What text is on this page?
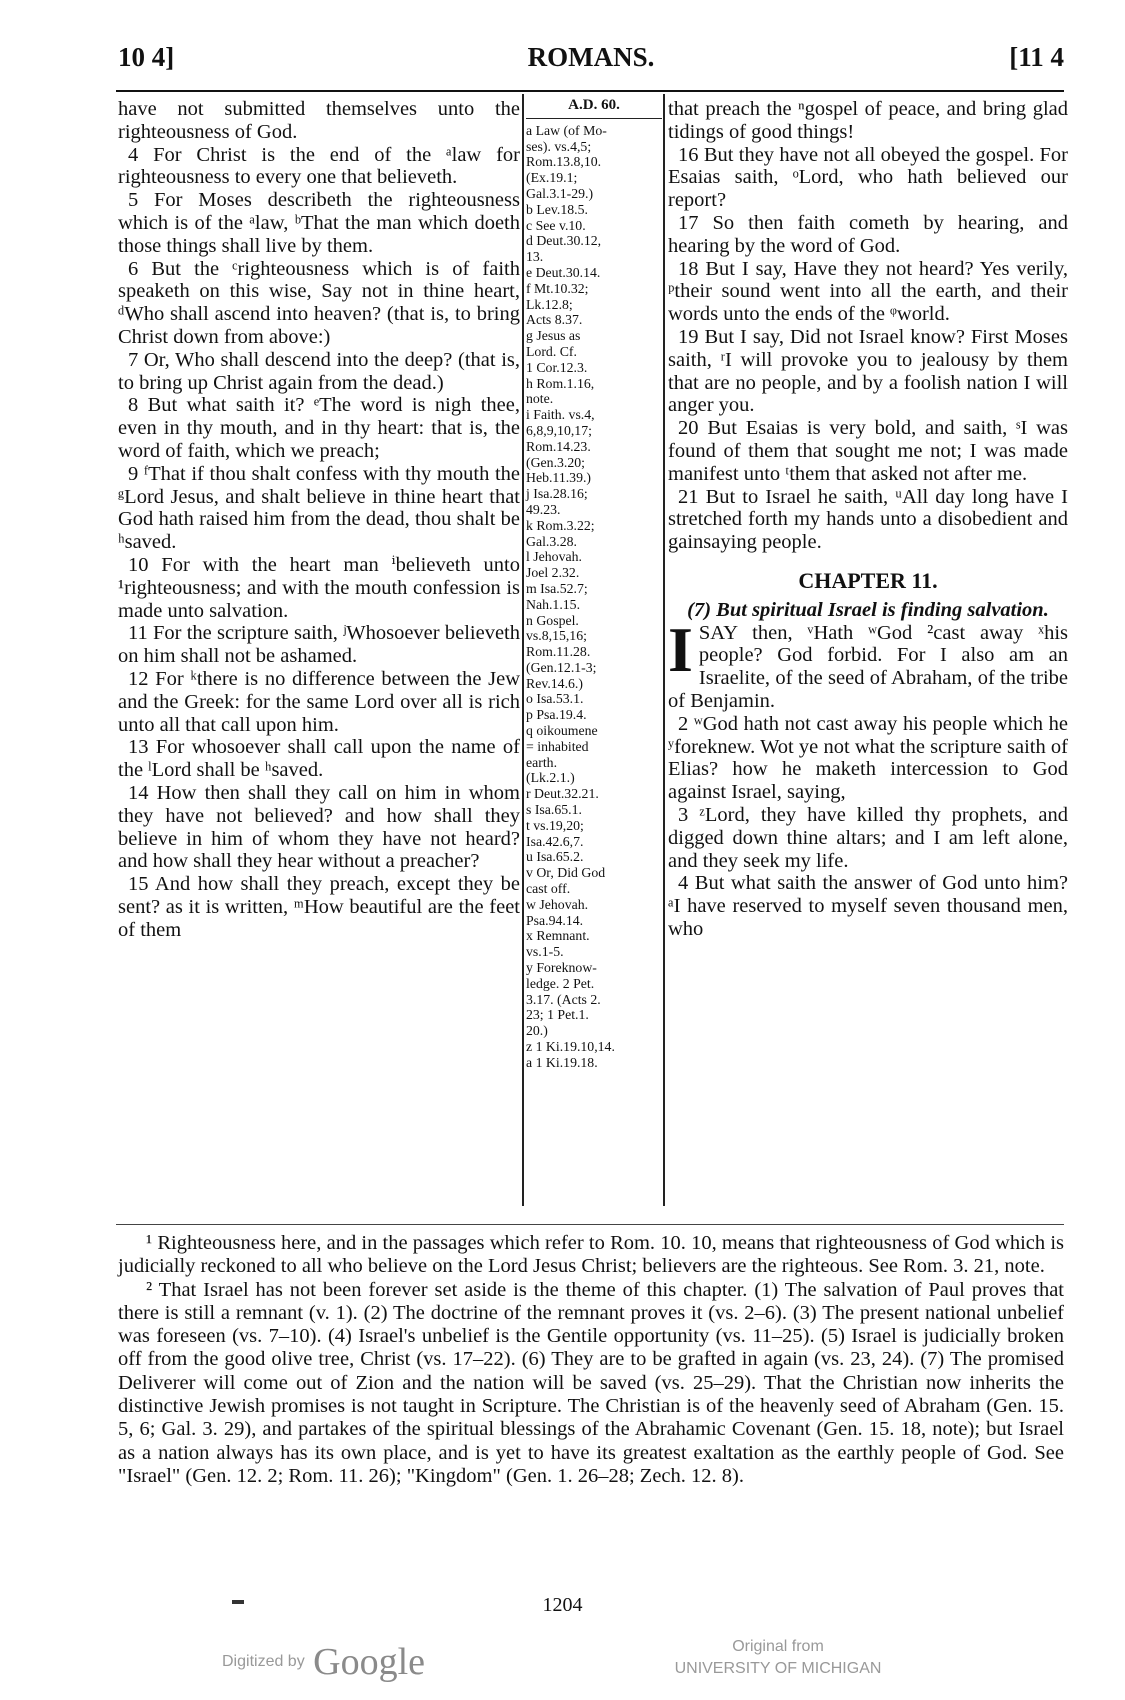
10 4]	ROMANS.	[11 4

have not submitted themselves unto the righteousness of God.

4 For Christ is the end of the ᵃlaw for righteousness to every one that believeth.

5 For Moses describeth the righteousness which is of the ᵃlaw, ᵇThat the man which doeth those things shall live by them.

6 But the ᶜrighteousness which is of faith speaketh on this wise, Say not in thine heart, ᵈWho shall ascend into heaven? (that is, to bring Christ down from above:)

7 Or, Who shall descend into the deep? (that is, to bring up Christ again from the dead.)

8 But what saith it? ᵉThe word is nigh thee, even in thy mouth, and in thy heart: that is, the word of faith, which we preach;

9 ᶠThat if thou shalt confess with thy mouth the ᵍLord Jesus, and shalt believe in thine heart that God hath raised him from the dead, thou shalt be ʰsaved.

10 For with the heart man ⁱbelieveth unto ¹righteousness; and with the mouth confession is made unto salvation.

11 For the scripture saith, ʲWhosoever believeth on him shall not be ashamed.

12 For ᵏthere is no difference between the Jew and the Greek: for the same Lord over all is rich unto all that call upon him.

13 For whosoever shall call upon the name of the ˡLord shall be ʰsaved.

14 How then shall they call on him in whom they have not believed? and how shall they believe in him of whom they have not heard? and how shall they hear without a preacher?

15 And how shall they preach, except they be sent? as it is written, ᵐHow beautiful are the feet of them

A.D. 60.
a Law (of Mo-
ses). vs.4,5;
Rom.13.8,10.
(Ex.19.1;
Gal.3.1-29.)
b Lev.18.5.
c See v.10.
d Deut.30.12,
13.
e Deut.30.14.
f Mt.10.32;
Lk.12.8;
Acts 8.37.
g Jesus as
Lord. Cf.
1 Cor.12.3.
h Rom.1.16,
note.
i Faith. vs.4,
6,8,9,10,17;
Rom.14.23.
(Gen.3.20;
Heb.11.39.)
j Isa.28.16;
49.23.
k Rom.3.22;
Gal.3.28.
l Jehovah.
Joel 2.32.
m Isa.52.7;
Nah.1.15.
n Gospel.
vs.8,15,16;
Rom.11.28.
(Gen.12.1-3;
Rev.14.6.)
o Isa.53.1.
p Psa.19.4.
q oikoumene
= inhabited
earth.
(Lk.2.1.)
r Deut.32.21.
s Isa.65.1.
t vs.19,20;
Isa.42.6,7.
u Isa.65.2.
v Or, Did God
cast off.
w Jehovah.
Psa.94.14.
x Remnant.
vs.1-5.
y Foreknow-
ledge. 2 Pet.
3.17. (Acts 2.
23; 1 Pet.1.
20.)
z 1 Ki.19.10,14.
a 1 Ki.19.18.

that preach the ⁿgospel of peace, and bring glad tidings of good things!

16 But they have not all obeyed the gospel. For Esaias saith, ᵒLord, who hath believed our report?

17 So then faith cometh by hearing, and hearing by the word of God.

18 But I say, Have they not heard? Yes verily, ᵖtheir sound went into all the earth, and their words unto the ends of the ᵠworld.

19 But I say, Did not Israel know? First Moses saith, ʳI will provoke you to jealousy by them that are no people, and by a foolish nation I will anger you.

20 But Esaias is very bold, and saith, ˢI was found of them that sought me not; I was made manifest unto ᵗthem that asked not after me.

21 But to Israel he saith, ᵘAll day long have I stretched forth my hands unto a disobedient and gainsaying people.

CHAPTER 11.

(7) But spiritual Israel is finding salvation.

I SAY then, ᵛHath ʷGod ²cast away ˣhis people? God forbid. For I also am an Israelite, of the seed of Abraham, of the tribe of Benjamin.

2 ʷGod hath not cast away his people which he ʸforeknew. Wot ye not what the scripture saith of Elias? how he maketh intercession to God against Israel, saying,

3 ᶻLord, they have killed thy prophets, and digged down thine altars; and I am left alone, and they seek my life.

4 But what saith the answer of God unto him? ᵃI have reserved to myself seven thousand men, who

¹ Righteousness here, and in the passages which refer to Rom. 10. 10, means that righteousness of God which is judicially reckoned to all who believe on the Lord Jesus Christ; believers are the righteous. See Rom. 3. 21, note.

² That Israel has not been forever set aside is the theme of this chapter. (1) The salvation of Paul proves that there is still a remnant (v. 1). (2) The doctrine of the remnant proves it (vs. 2–6). (3) The present national unbelief was foreseen (vs. 7–10). (4) Israel's unbelief is the Gentile opportunity (vs. 11–25). (5) Israel is judicially broken off from the good olive tree, Christ (vs. 17–22). (6) They are to be grafted in again (vs. 23, 24). (7) The promised Deliverer will come out of Zion and the nation will be saved (vs. 25–29). That the Christian now inherits the distinctive Jewish promises is not taught in Scripture. The Christian is of the heavenly seed of Abraham (Gen. 15. 5, 6; Gal. 3. 29), and partakes of the spiritual blessings of the Abrahamic Covenant (Gen. 15. 18, note); but Israel as a nation always has its own place, and is yet to have its greatest exaltation as the earthly people of God. See "Israel" (Gen. 12. 2; Rom. 11. 26); "Kingdom" (Gen. 1. 26–28; Zech. 12. 8).

1204
Digitized by Google	Original from
UNIVERSITY OF MICHIGAN
